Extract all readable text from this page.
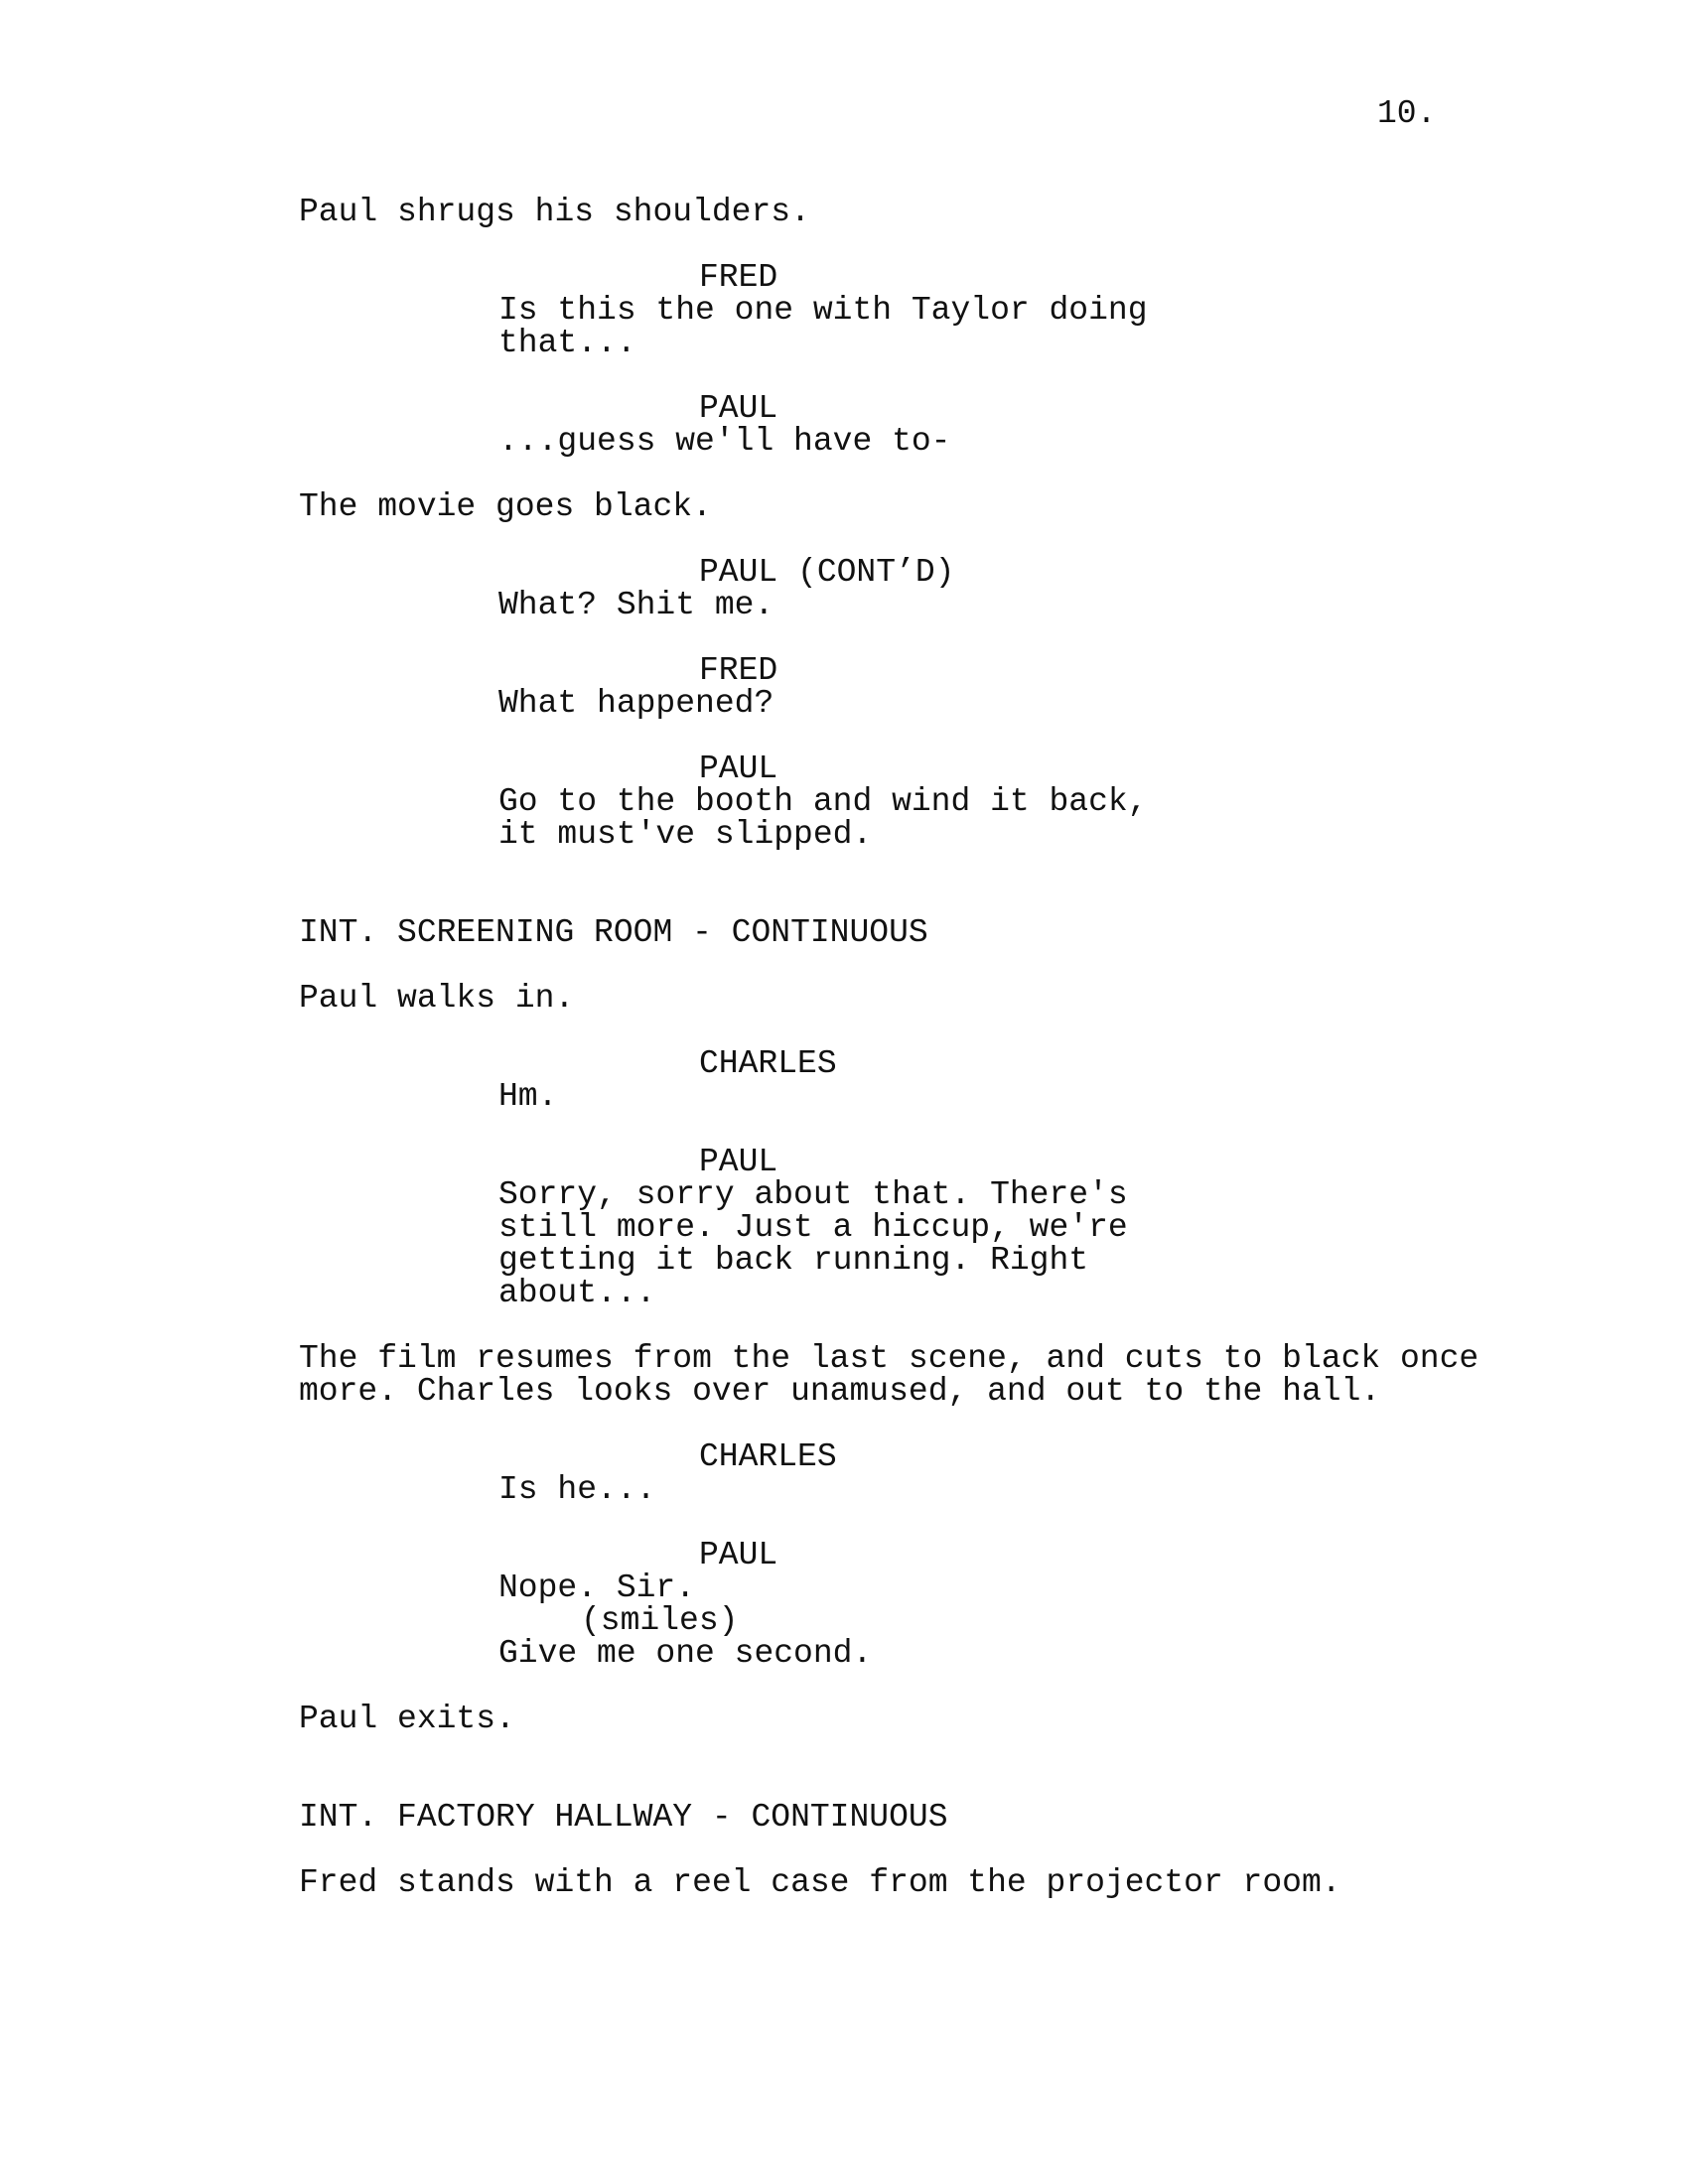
10.
Paul shrugs his shoulders.
FRED
Is this the one with Taylor doing
that...
PAUL
...guess we'll have to-
The movie goes black.
PAUL (CONT’D)
What? Shit me.
FRED
What happened?
PAUL
Go to the booth and wind it back,
it must've slipped.
INT. SCREENING ROOM - CONTINUOUS
Paul walks in.
CHARLES
Hm.
PAUL
Sorry, sorry about that. There's
still more. Just a hiccup, we're
getting it back running. Right
about...
The film resumes from the last scene, and cuts to black once
more. Charles looks over unamused, and out to the hall.
CHARLES
Is he...
PAUL
Nope. Sir.
(smiles)
Give me one second.
Paul exits.
INT. FACTORY HALLWAY - CONTINUOUS
Fred stands with a reel case from the projector room.
